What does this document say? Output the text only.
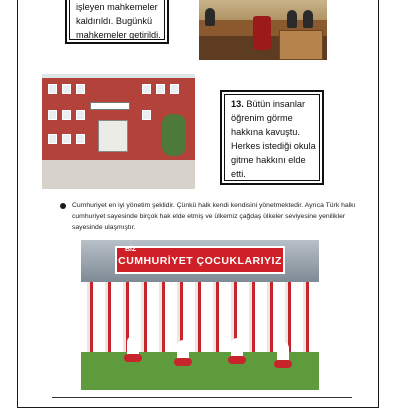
işleyen mahkemeler
kaldırıldı. Bugünkü
mahkemeler getirildi.
13. Bütün insanlar
öğrenim görme
hakkına kavuştu.
Herkes istediği okula
gitme hakkını elde
etti.
Cumhuriyet en iyi yönetim şeklidir. Çünkü halk kendi kendisini yönetmektedir. Ayrıca Türk halkı cumhuriyet sayesinde birçok hak elde etmiş ve ülkemiz çağdaş ülkeler seviyesine yenilikler sayesinde ulaşmıştır.
BİZ
CUMHURİYET ÇOCUKLARIYIZ
